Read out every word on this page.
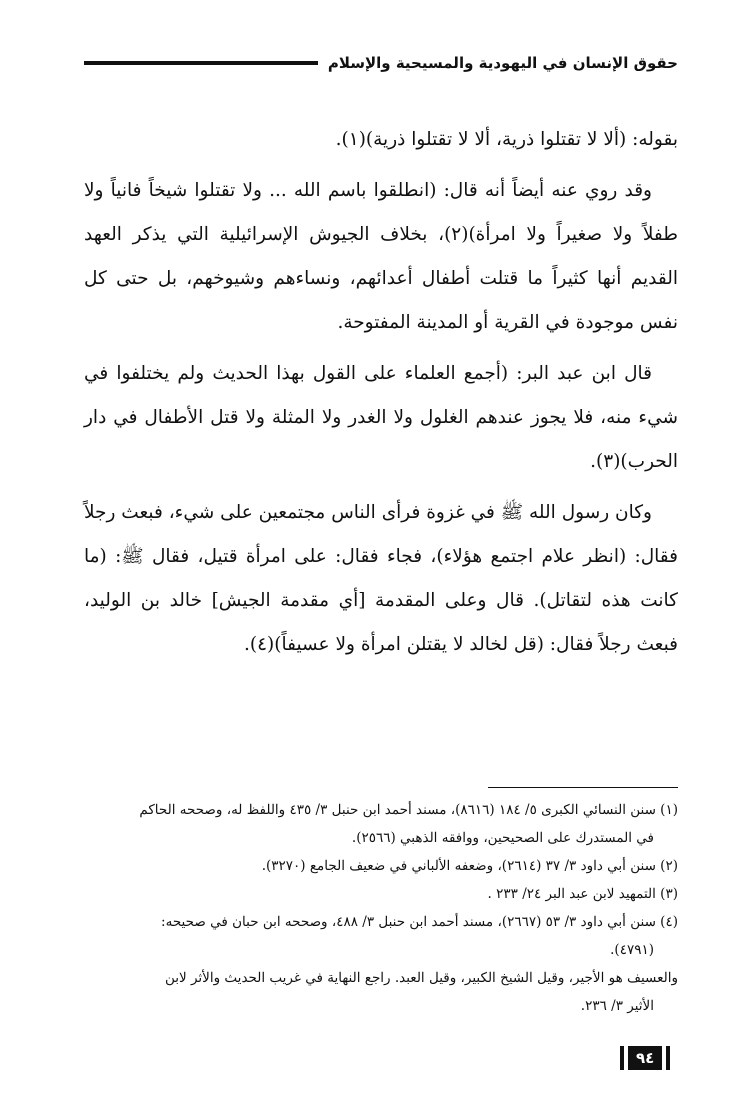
حقوق الإنسان في اليهودية والمسيحية والإسلام

بقوله: (ألا لا تقتلوا ذرية، ألا لا تقتلوا ذرية)(١).

وقد روي عنه أيضاً أنه قال: (انطلقوا باسم الله ... ولا تقتلوا شيخاً فانياً ولا طفلاً ولا صغيراً ولا امرأة)(٢)، بخلاف الجيوش الإسرائيلية التي يذكر العهد القديم أنها كثيراً ما قتلت أطفال أعدائهم، ونساءهم وشيوخهم، بل حتى كل نفس موجودة في القرية أو المدينة المفتوحة.

قال ابن عبد البر: (أجمع العلماء على القول بهذا الحديث ولم يختلفوا في شيء منه، فلا يجوز عندهم الغلول ولا الغدر ولا المثلة ولا قتل الأطفال في دار الحرب)(٣).

وكان رسول الله ﷺ في غزوة فرأى الناس مجتمعين على شيء، فبعث رجلاً فقال: (انظر علام اجتمع هؤلاء)، فجاء فقال: على امرأة قتيل، فقال ﷺ: (ما كانت هذه لتقاتل). قال وعلى المقدمة [أي مقدمة الجيش] خالد بن الوليد، فبعث رجلاً فقال: (قل لخالد لا يقتلن امرأة ولا عسيفاً)(٤).

(١) سنن النسائي الكبرى ٥/ ١٨٤ (٨٦١٦)، مسند أحمد ابن حنبل ٣/ ٤٣٥ واللفظ له، وصححه الحاكم
في المستدرك على الصحيحين، ووافقه الذهبي (٢٥٦٦).
(٢) سنن أبي داود ٣/ ٣٧ (٢٦١٤)، وضعفه الألباني في ضعيف الجامع (٣٢٧٠).
(٣) التمهيد لابن عبد البر ٢٤/ ٢٣٣ .
(٤) سنن أبي داود ٣/ ٥٣ (٢٦٦٧)، مسند أحمد ابن حنبل ٣/ ٤٨٨، وصححه ابن حبان في صحيحه:
(٤٧٩١).
والعسيف هو الأجير، وقيل الشيخ الكبير، وقيل العبد. راجع النهاية في غريب الحديث والأثر لابن
الأثير ٣/ ٢٣٦.
٩٤
